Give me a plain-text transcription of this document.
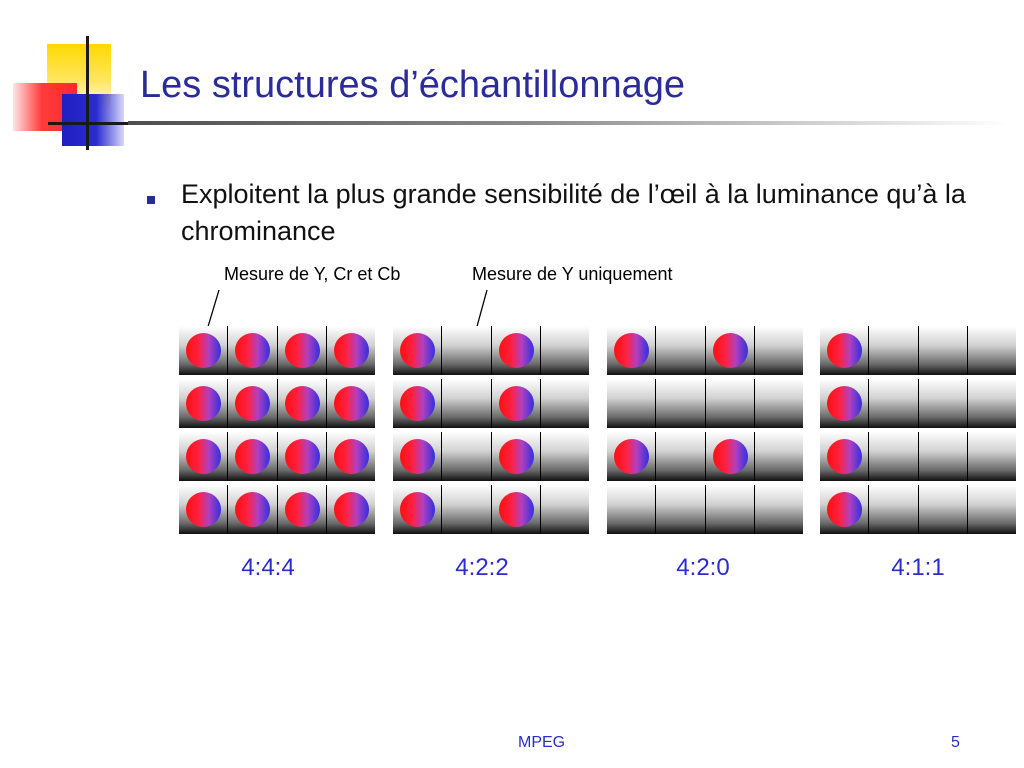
Les structures d’échantillonnage
Exploitent la plus grande sensibilité de l’œil à la luminance qu’à la chrominance
Mesure de Y, Cr et Cb	Mesure de Y uniquement
4:4:4	4:2:2	4:2:0	4:1:1
MPEG	5
